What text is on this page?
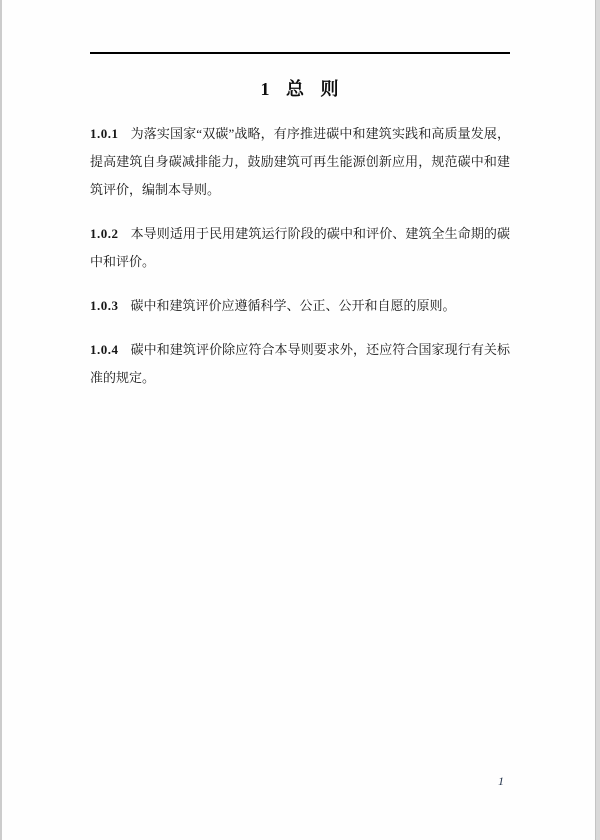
1 总 则

1.0.1 为落实国家“双碳”战略，有序推进碳中和建筑实践和高质量发展，提高建筑自身碳减排能力，鼓励建筑可再生能源创新应用，规范碳中和建筑评价，编制本导则。

1.0.2 本导则适用于民用建筑运行阶段的碳中和评价、建筑全生命期的碳中和评价。

1.0.3 碳中和建筑评价应遵循科学、公正、公开和自愿的原则。

1.0.4 碳中和建筑评价除应符合本导则要求外，还应符合国家现行有关标准的规定。

1
